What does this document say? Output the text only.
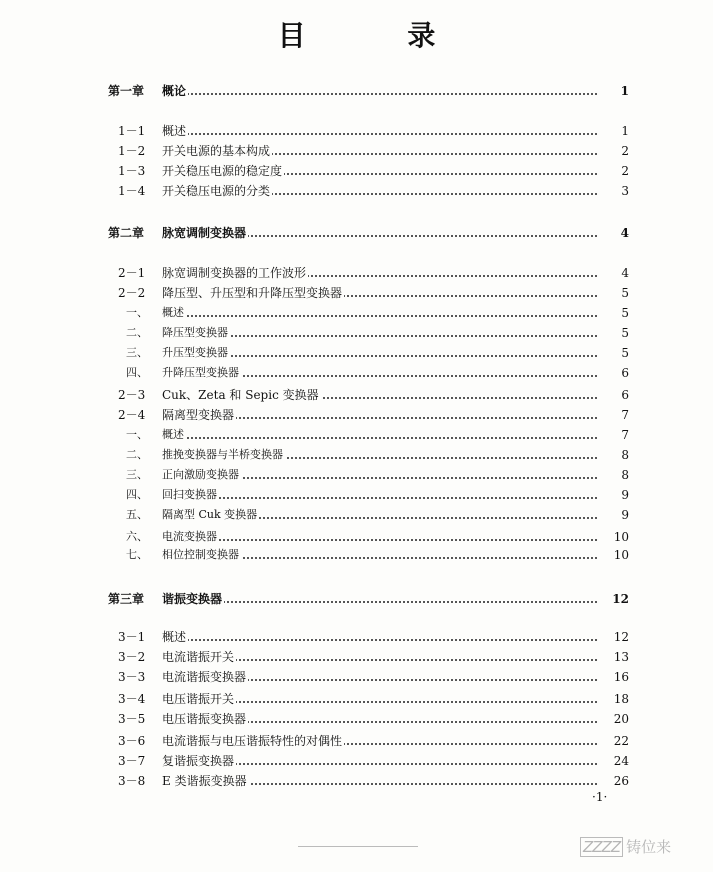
目 录
第一章 概论	1
1－1 概述	1
1－2 开关电源的基本构成	2
1－3 开关稳压电源的稳定度	2
1－4 开关稳压电源的分类	3
第二章 脉宽调制变换器	4
2－1 脉宽调制变换器的工作波形	4
2－2 降压型、升压型和升降压型变换器	5
一、 概述	5
二、 降压型变换器	5
三、 升压型变换器	5
四、 升降压型变换器	6
2－3 Cuk、Zeta 和 Sepic 变换器	6
2－4 隔离型变换器	7
一、 概述	7
二、 推挽变换器与半桥变换器	8
三、 正向激励变换器	8
四、 回扫变换器	9
五、 隔离型 Cuk 变换器	9
六、 电流变换器	10
七、 相位控制变换器	10
第三章 谐振变换器	12
3－1 概述	12
3－2 电流谐振开关	13
3－3 电流谐振变换器	16
3－4 电压谐振开关	18
3－5 电压谐振变换器	20
3－6 电流谐振与电压谐振特性的对偶性	22
3－7 复谐振变换器	24
3－8 E 类谐振变换器	26
·1·
ZZZZ 铸位来
